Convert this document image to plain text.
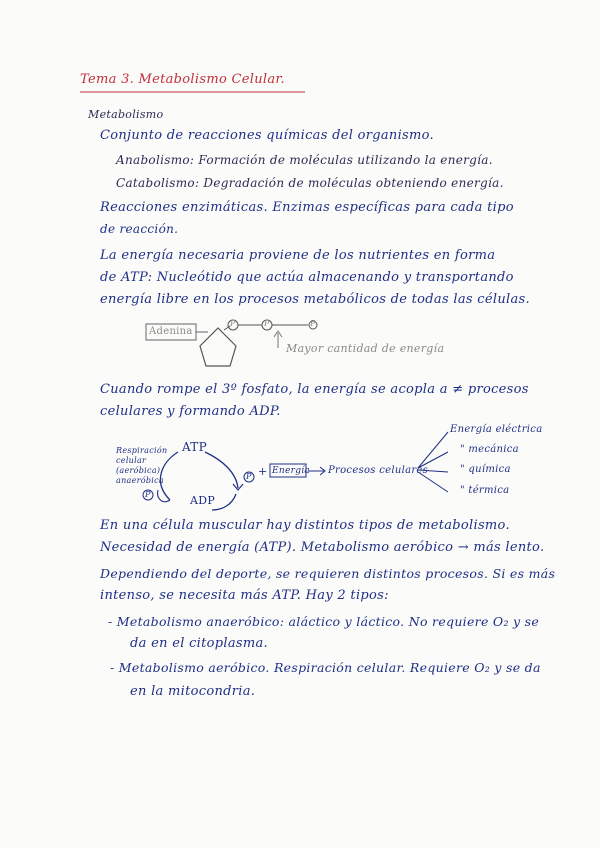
Tema 3. Metabolismo Celular.
Metabolismo
Conjunto de reacciones químicas del organismo.
Anabolismo: Formación de moléculas utilizando la energía.
Catabolismo: Degradación de moléculas obteniendo energía.
Reacciones enzimáticas. Enzimas específicas para cada tipo
de reacción.
La energía necesaria proviene de los nutrientes en forma
de ATP: Nucleótido que actúa almacenando y transportando
energía libre en los procesos metabólicos de todas las células.
Adenina
P	P	P
Mayor cantidad de energía
Cuando rompe el 3º fosfato, la energía se acopla a ≠ procesos
celulares y formando ADP.
ATP
ADP
P
P + Energía Procesos celulares
Respiración
celular
(aeróbica)
anaeróbica
Energía eléctrica
" mecánica
" química
" térmica
En una célula muscular hay distintos tipos de metabolismo.
Necesidad de energía (ATP). Metabolismo aeróbico → más lento.
Dependiendo del deporte, se requieren distintos procesos. Si es más
intenso, se necesita más ATP. Hay 2 tipos:
- Metabolismo anaeróbico: aláctico y láctico. No requiere O₂ y se
da en el citoplasma.
- Metabolismo aeróbico. Respiración celular. Requiere O₂ y se da
en la mitocondria.
